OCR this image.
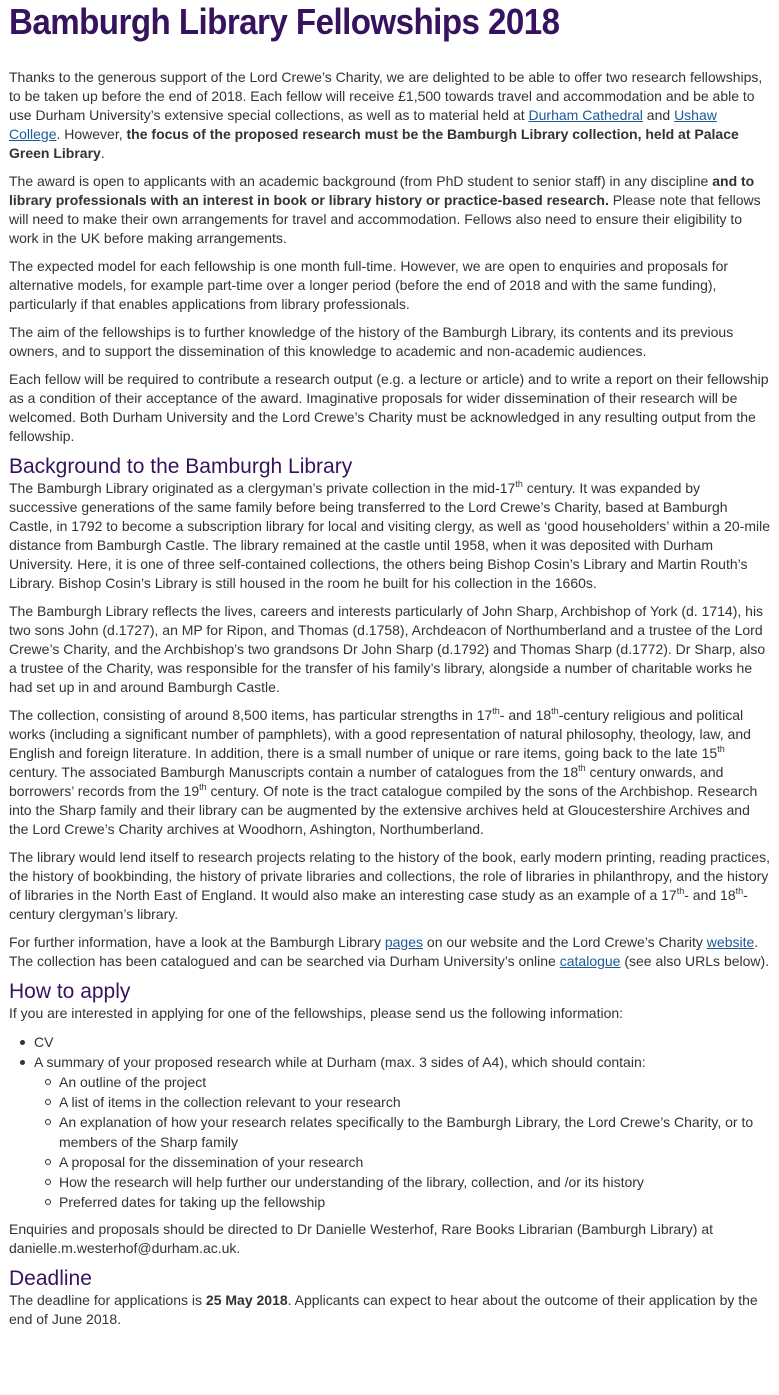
Bamburgh Library Fellowships 2018

Thanks to the generous support of the Lord Crewe’s Charity, we are delighted to be able to offer two research fellowships, to be taken up before the end of 2018. Each fellow will receive £1,500 towards travel and accommodation and be able to use Durham University’s extensive special collections, as well as to material held at Durham Cathedral and Ushaw College. However, the focus of the proposed research must be the Bamburgh Library collection, held at Palace Green Library.

The award is open to applicants with an academic background (from PhD student to senior staff) in any discipline and to library professionals with an interest in book or library history or practice-based research. Please note that fellows will need to make their own arrangements for travel and accommodation. Fellows also need to ensure their eligibility to work in the UK before making arrangements.

The expected model for each fellowship is one month full-time. However, we are open to enquiries and proposals for alternative models, for example part-time over a longer period (before the end of 2018 and with the same funding), particularly if that enables applications from library professionals.

The aim of the fellowships is to further knowledge of the history of the Bamburgh Library, its contents and its previous owners, and to support the dissemination of this knowledge to academic and non-academic audiences.

Each fellow will be required to contribute a research output (e.g. a lecture or article) and to write a report on their fellowship as a condition of their acceptance of the award. Imaginative proposals for wider dissemination of their research will be welcomed. Both Durham University and the Lord Crewe’s Charity must be acknowledged in any resulting output from the fellowship.

Background to the Bamburgh Library

The Bamburgh Library originated as a clergyman’s private collection in the mid-17th century. It was expanded by successive generations of the same family before being transferred to the Lord Crewe’s Charity, based at Bamburgh Castle, in 1792 to become a subscription library for local and visiting clergy, as well as ‘good householders’ within a 20-mile distance from Bamburgh Castle. The library remained at the castle until 1958, when it was deposited with Durham University. Here, it is one of three self-contained collections, the others being Bishop Cosin’s Library and Martin Routh’s Library. Bishop Cosin’s Library is still housed in the room he built for his collection in the 1660s.

The Bamburgh Library reflects the lives, careers and interests particularly of John Sharp, Archbishop of York (d. 1714), his two sons John (d.1727), an MP for Ripon, and Thomas (d.1758), Archdeacon of Northumberland and a trustee of the Lord Crewe’s Charity, and the Archbishop’s two grandsons Dr John Sharp (d.1792) and Thomas Sharp (d.1772). Dr Sharp, also a trustee of the Charity, was responsible for the transfer of his family’s library, alongside a number of charitable works he had set up in and around Bamburgh Castle.

The collection, consisting of around 8,500 items, has particular strengths in 17th- and 18th-century religious and political works (including a significant number of pamphlets), with a good representation of natural philosophy, theology, law, and English and foreign literature. In addition, there is a small number of unique or rare items, going back to the late 15th century. The associated Bamburgh Manuscripts contain a number of catalogues from the 18th century onwards, and borrowers’ records from the 19th century. Of note is the tract catalogue compiled by the sons of the Archbishop. Research into the Sharp family and their library can be augmented by the extensive archives held at Gloucestershire Archives and the Lord Crewe’s Charity archives at Woodhorn, Ashington, Northumberland.

The library would lend itself to research projects relating to the history of the book, early modern printing, reading practices, the history of bookbinding, the history of private libraries and collections, the role of libraries in philanthropy, and the history of libraries in the North East of England. It would also make an interesting case study as an example of a 17th- and 18th-century clergyman’s library.

For further information, have a look at the Bamburgh Library pages on our website and the Lord Crewe’s Charity website. The collection has been catalogued and can be searched via Durham University’s online catalogue (see also URLs below).

How to apply

If you are interested in applying for one of the fellowships, please send us the following information:

CV
A summary of your proposed research while at Durham (max. 3 sides of A4), which should contain:
An outline of the project
A list of items in the collection relevant to your research
An explanation of how your research relates specifically to the Bamburgh Library, the Lord Crewe’s Charity, or to members of the Sharp family
A proposal for the dissemination of your research
How the research will help further our understanding of the library, collection, and /or its history
Preferred dates for taking up the fellowship

Enquiries and proposals should be directed to Dr Danielle Westerhof, Rare Books Librarian (Bamburgh Library) at danielle.m.westerhof@durham.ac.uk.

Deadline

The deadline for applications is 25 May 2018. Applicants can expect to hear about the outcome of their application by the end of June 2018.
